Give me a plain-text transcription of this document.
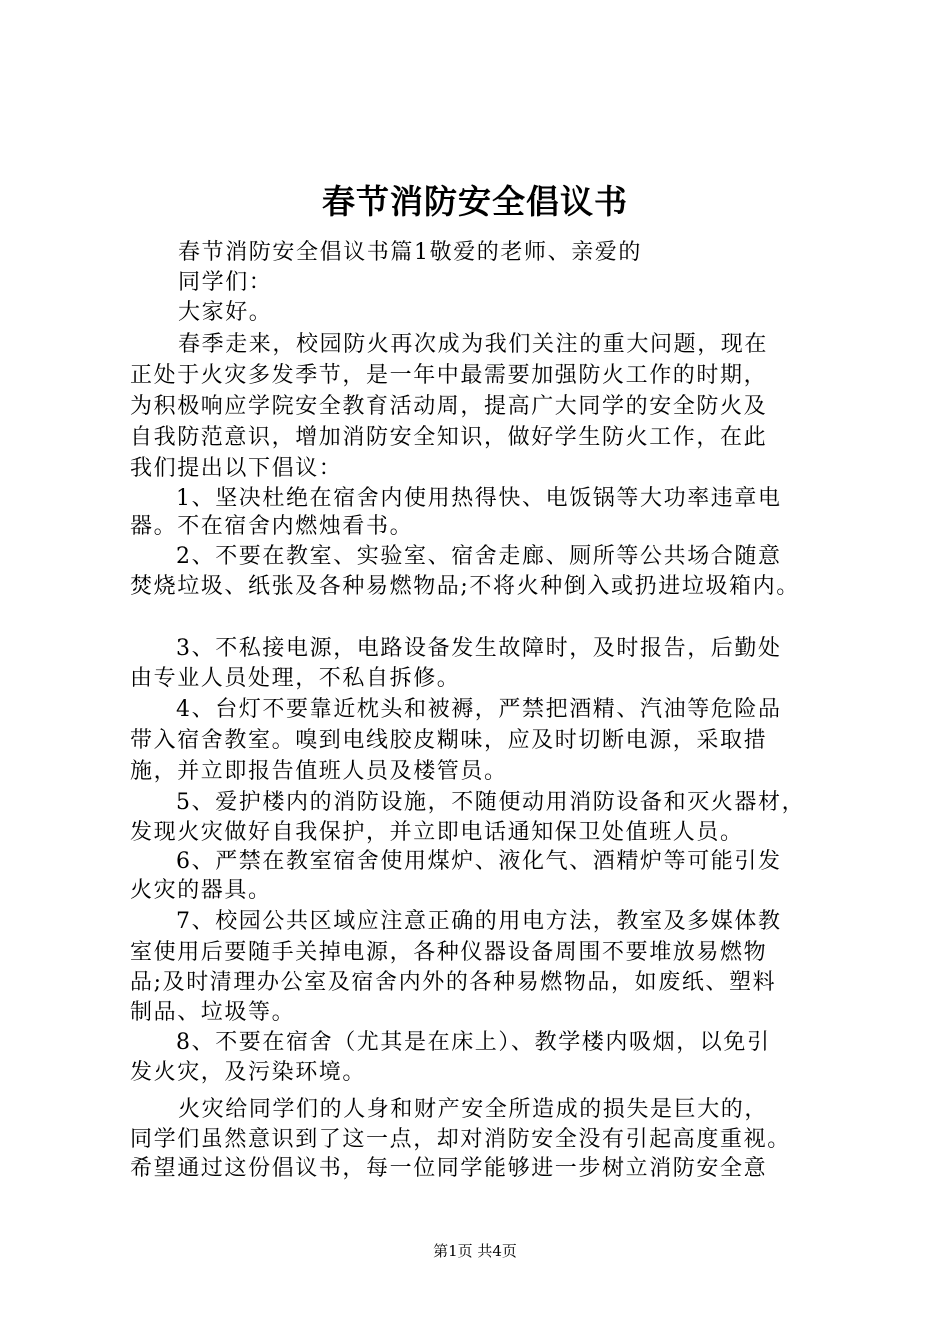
春节消防安全倡议书
春节消防安全倡议书篇1敬爱的老师、亲爱的
同学们：
大家好。
春季走来，校园防火再次成为我们关注的重大问题，现在
正处于火灾多发季节，是一年中最需要加强防火工作的时期，
为积极响应学院安全教育活动周，提高广大同学的安全防火及
自我防范意识，增加消防安全知识，做好学生防火工作，在此
我们提出以下倡议：
1、坚决杜绝在宿舍内使用热得快、电饭锅等大功率违章电
器。不在宿舍内燃烛看书。
2、不要在教室、实验室、宿舍走廊、厕所等公共场合随意
焚烧垃圾、纸张及各种易燃物品;不将火种倒入或扔进垃圾箱内。
3、不私接电源，电路设备发生故障时，及时报告，后勤处
由专业人员处理，不私自拆修。
4、台灯不要靠近枕头和被褥，严禁把酒精、汽油等危险品
带入宿舍教室。嗅到电线胶皮糊味，应及时切断电源，采取措
施，并立即报告值班人员及楼管员。
5、爱护楼内的消防设施，不随便动用消防设备和灭火器材，
发现火灾做好自我保护，并立即电话通知保卫处值班人员。
6、严禁在教室宿舍使用煤炉、液化气、酒精炉等可能引发
火灾的器具。
7、校园公共区域应注意正确的用电方法，教室及多媒体教
室使用后要随手关掉电源，各种仪器设备周围不要堆放易燃物
品;及时清理办公室及宿舍内外的各种易燃物品，如废纸、塑料
制品、垃圾等。
8、不要在宿舍（尤其是在床上）、教学楼内吸烟，以免引
发火灾，及污染环境。
火灾给同学们的人身和财产安全所造成的损失是巨大的，
同学们虽然意识到了这一点，却对消防安全没有引起高度重视。
希望通过这份倡议书，每一位同学能够进一步树立消防安全意
第1页 共4页
